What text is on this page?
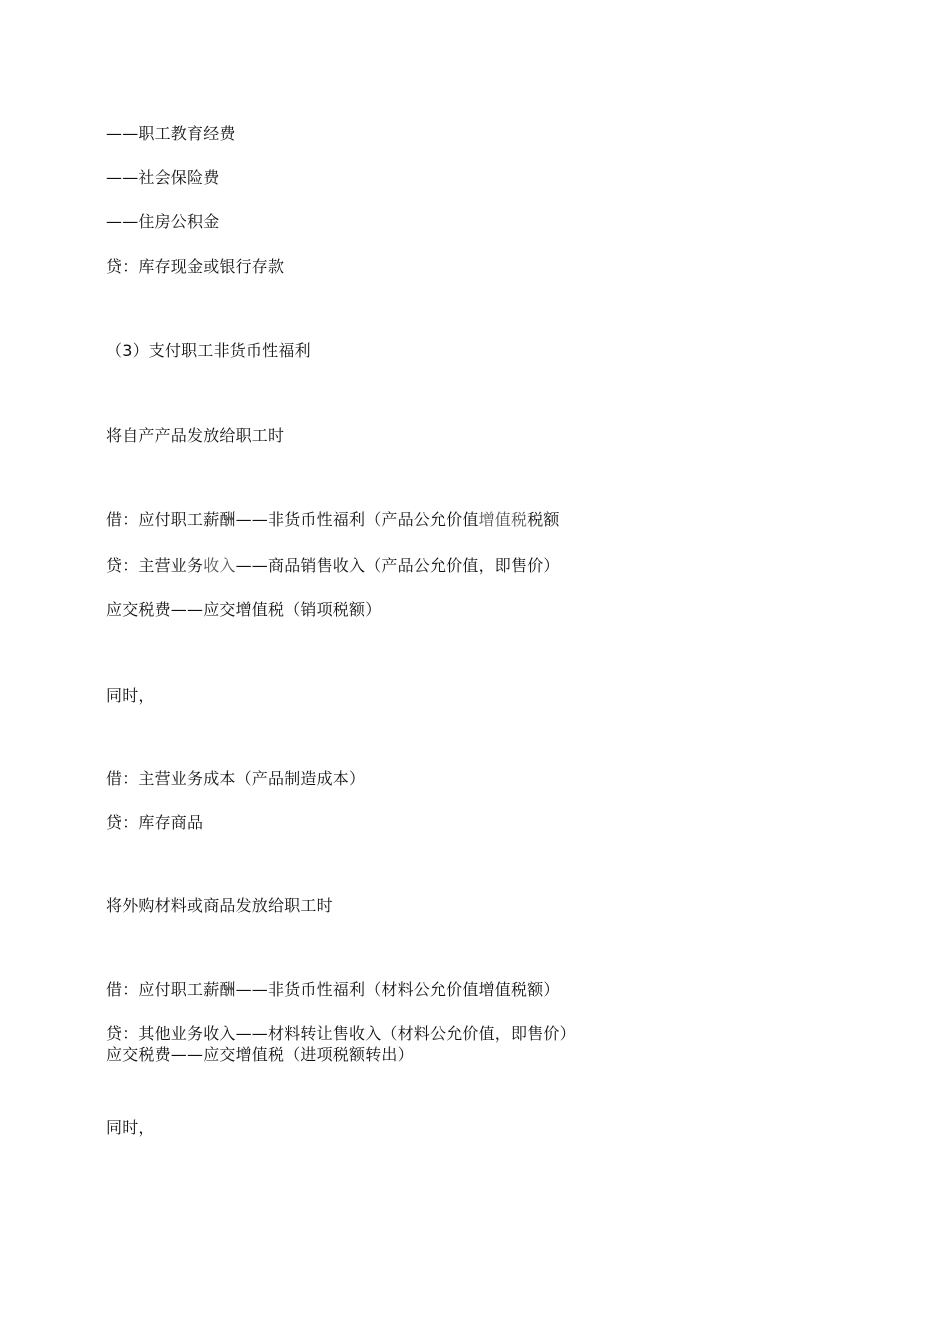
——职工教育经费
——社会保险费
——住房公积金
贷：库存现金或银行存款
（3）支付职工非货币性福利
将自产产品发放给职工时
借：应付职工薪酬——非货币性福利（产品公允价值增值税税额
贷：主营业务收入——商品销售收入（产品公允价值，即售价）
应交税费——应交增值税（销项税额）
同时，
借：主营业务成本（产品制造成本）
贷：库存商品
将外购材料或商品发放给职工时
借：应付职工薪酬——非货币性福利（材料公允价值增值税额）
贷：其他业务收入——材料转让售收入（材料公允价值，即售价）
应交税费——应交增值税（进项税额转出）
同时，
